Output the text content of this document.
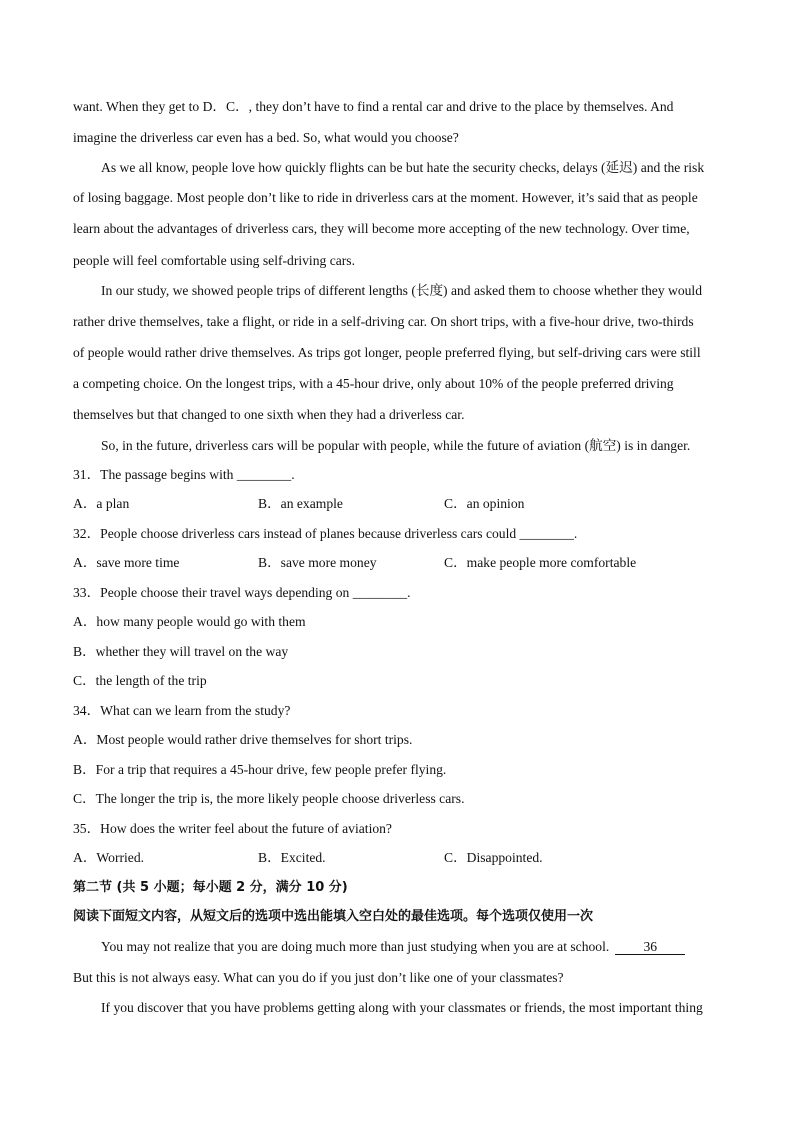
want. When they get to D．C．, they don’t have to find a rental car and drive to the place by themselves. And
imagine the driverless car even has a bed. So, what would you choose?
As we all know, people love how quickly flights can be but hate the security checks, delays (延迟) and the risk
of losing baggage. Most people don’t like to ride in driverless cars at the moment. However, it’s said that as people
learn about the advantages of driverless cars, they will become more accepting of the new technology. Over time,
people will feel comfortable using self-driving cars.
In our study, we showed people trips of different lengths (长度) and asked them to choose whether they would
rather drive themselves, take a flight, or ride in a self-driving car. On short trips, with a five-hour drive, two-thirds
of people would rather drive themselves. As trips got longer, people preferred flying, but self-driving cars were still
a competing choice. On the longest trips, with a 45-hour drive, only about 10% of the people preferred driving
themselves but that changed to one sixth when they had a driverless car.
So, in the future, driverless cars will be popular with people, while the future of aviation (航空) is in danger.
31．The passage begins with ________.
A．a plan	B．an example	C．an opinion
32．People choose driverless cars instead of planes because driverless cars could ________.
A．save more time	B．save more money	C．make people more comfortable
33．People choose their travel ways depending on ________.
A．how many people would go with them
B．whether they will travel on the way
C．the length of the trip
34．What can we learn from the study?
A．Most people would rather drive themselves for short trips.
B．For a trip that requires a 45-hour drive, few people prefer flying.
C．The longer the trip is, the more likely people choose driverless cars.
35．How does the writer feel about the future of aviation?
A．Worried.	B．Excited.	C．Disappointed.
第二节 (共 5 小题；每小题 2 分，满分 10 分)
阅读下面短文内容，从短文后的选项中选出能填入空白处的最佳选项。每个选项仅使用一次
You may not realize that you are doing much more than just studying when you are at school.	36
But this is not always easy. What can you do if you just don’t like one of your classmates?
If you discover that you have problems getting along with your classmates or friends, the most important thing
